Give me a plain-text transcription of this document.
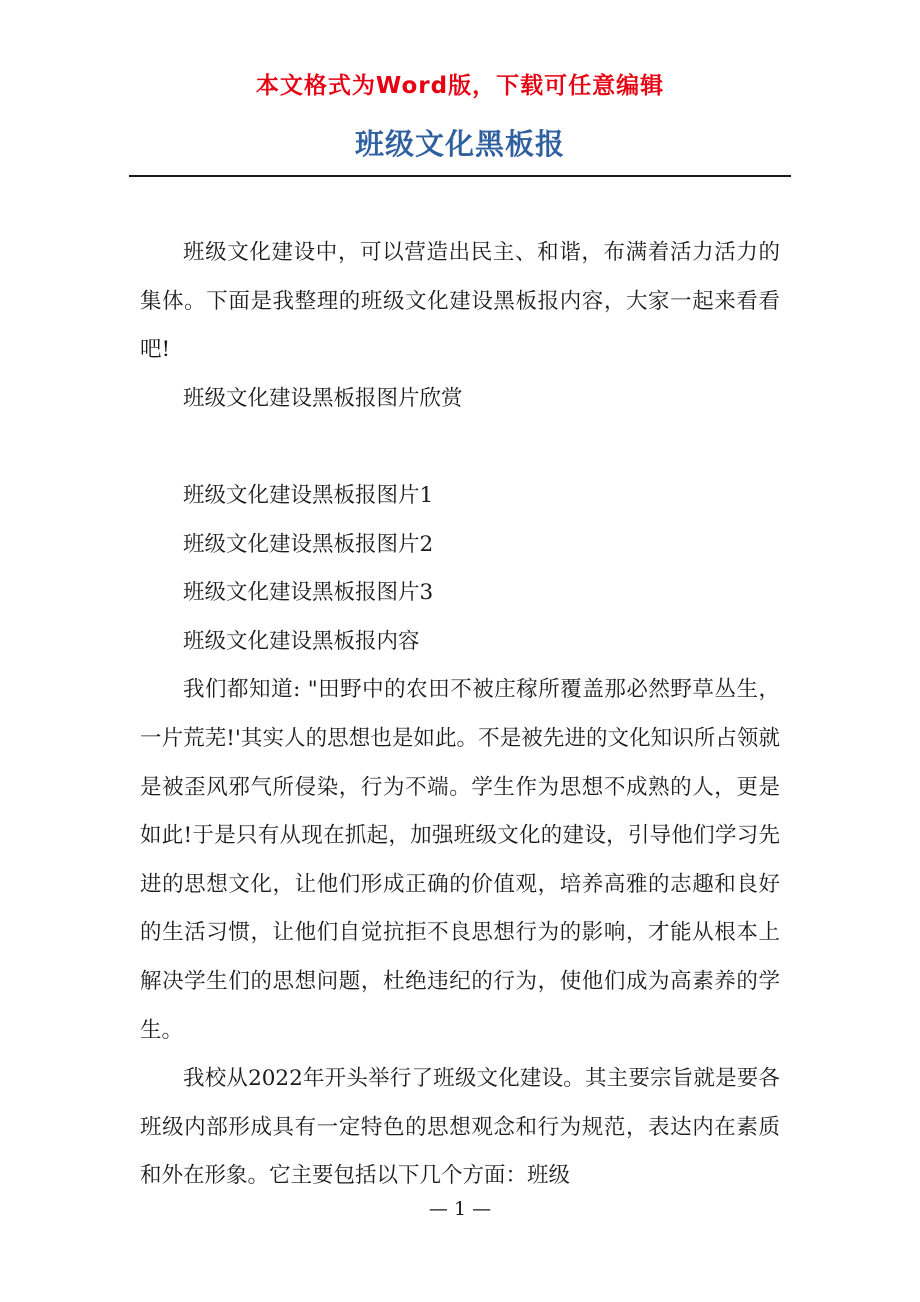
本文格式为Word版，下载可任意编辑
班级文化黑板报

班级文化建设中，可以营造出民主、和谐，布满着活力活力的集体。下面是我整理的班级文化建设黑板报内容，大家一起来看看吧!

班级文化建设黑板报图片欣赏

班级文化建设黑板报图片1

班级文化建设黑板报图片2

班级文化建设黑板报图片3

班级文化建设黑板报内容

我们都知道: "田野中的农田不被庄稼所覆盖那必然野草丛生，一片荒芜!'其实人的思想也是如此。不是被先进的文化知识所占领就是被歪风邪气所侵染，行为不端。学生作为思想不成熟的人，更是如此!于是只有从现在抓起，加强班级文化的建设，引导他们学习先进的思想文化，让他们形成正确的价值观，培养高雅的志趣和良好的生活习惯，让他们自觉抗拒不良思想行为的影响，才能从根本上解决学生们的思想问题，杜绝违纪的行为，使他们成为高素养的学生。

我校从2022年开头举行了班级文化建设。其主要宗旨就是要各班级内部形成具有一定特色的思想观念和行为规范，表达内在素质和外在形象。它主要包括以下几个方面：班级

— 1 —
